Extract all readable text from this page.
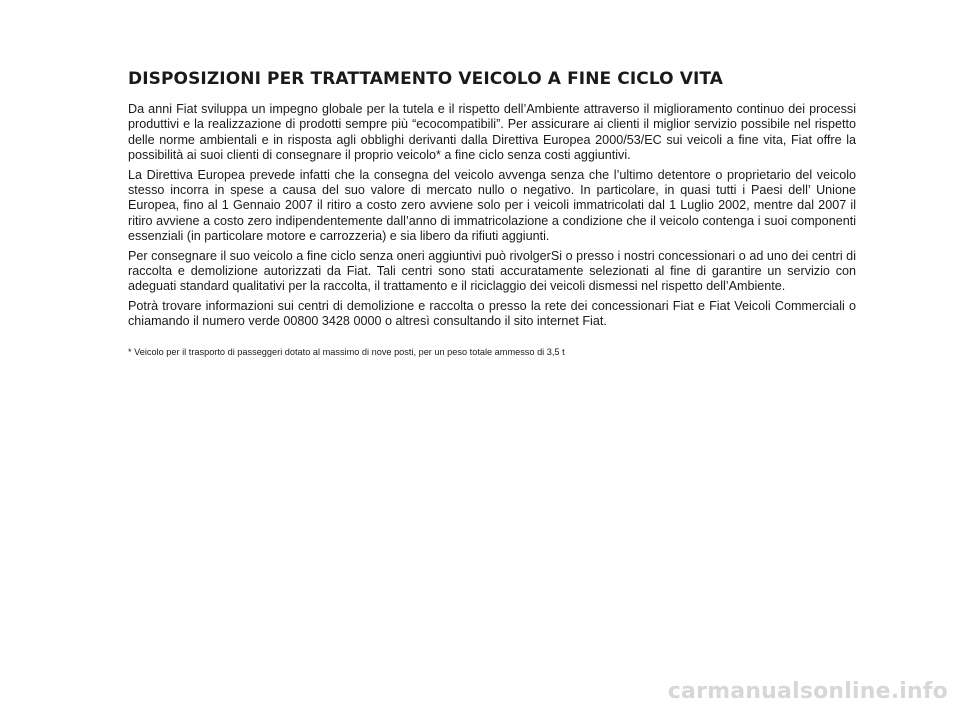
DISPOSIZIONI PER TRATTAMENTO VEICOLO A FINE CICLO VITA

Da anni Fiat sviluppa un impegno globale per la tutela e il rispetto dell’Ambiente attraverso il miglioramento continuo dei processi produttivi e la realizzazione di prodotti sempre più “ecocompatibili”. Per assicurare ai clienti il miglior servizio possibile nel rispetto delle norme ambientali e in risposta agli obblighi derivanti dalla Direttiva Europea 2000/53/EC sui veicoli a fine vita, Fiat offre la possibilità ai suoi clienti di consegnare il proprio veicolo* a fine ciclo senza costi aggiuntivi.

La Direttiva Europea prevede infatti che la consegna del veicolo avvenga senza che l’ultimo detentore o proprietario del veicolo stesso incorra in spese a causa del suo valore di mercato nullo o negativo. In particolare, in quasi tutti i Paesi dell’ Unione Europea, fino al 1 Gennaio 2007 il ritiro a costo zero avviene solo per i veicoli immatricolati dal 1 Luglio 2002, mentre dal 2007 il ritiro avviene a costo zero indipendentemente dall’anno di immatricolazione a condizione che il veicolo contenga i suoi componenti essenziali (in particolare motore e carrozzeria) e sia libero da rifiuti aggiunti.

Per consegnare il suo veicolo a fine ciclo senza oneri aggiuntivi può rivolgerSi o presso i nostri concessionari o ad uno dei centri di raccolta e demolizione autorizzati da Fiat. Tali centri sono stati accuratamente selezionati al fine di garantire un servizio con adeguati standard qualitativi per la raccolta, il trattamento e il riciclaggio dei veicoli dismessi nel rispetto dell’Ambiente.

Potrà trovare informazioni sui centri di demolizione e raccolta o presso la rete dei concessionari Fiat e Fiat Veicoli Commerciali o chiamando il numero verde 00800 3428 0000 o altresì consultando il sito internet Fiat.

* Veicolo per il trasporto di passeggeri dotato al massimo di nove posti, per un peso totale ammesso di 3,5 t

carmanualsonline.info
